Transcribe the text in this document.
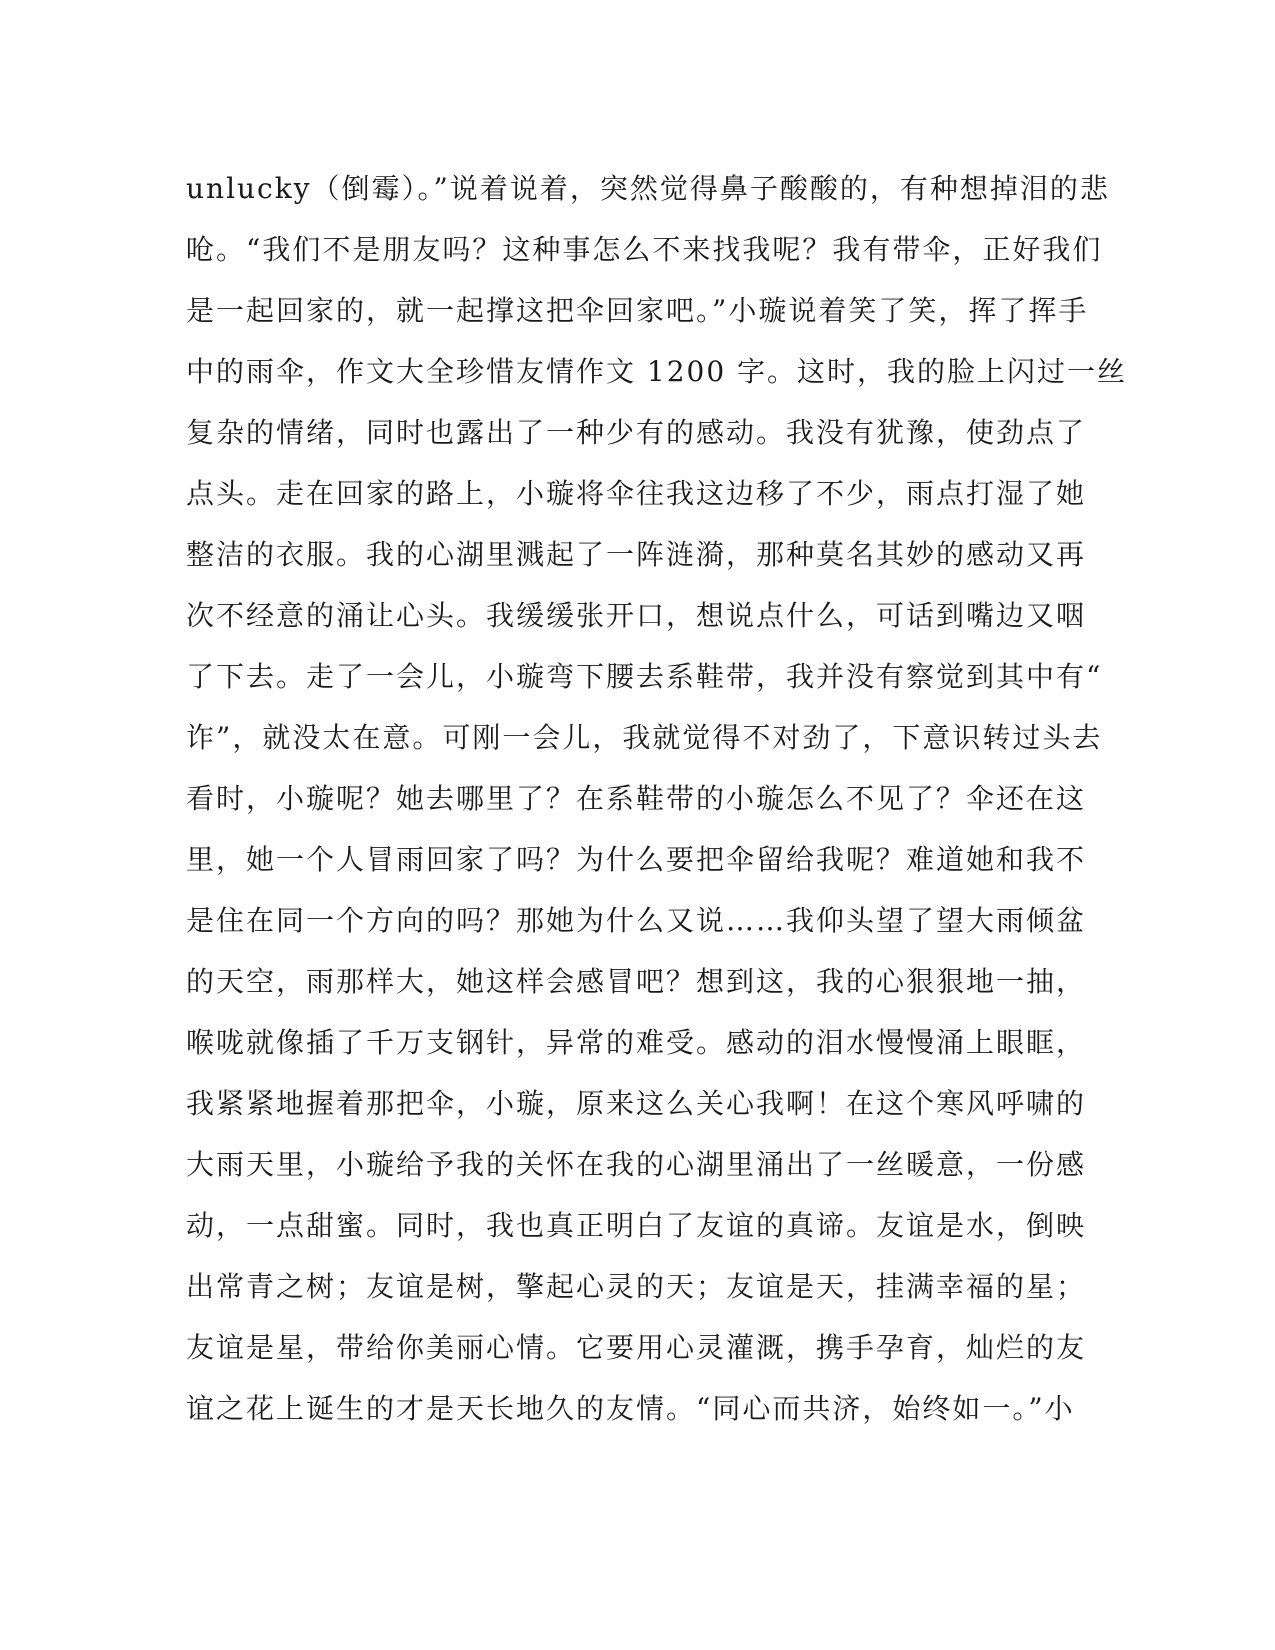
unlucky（倒霉）。”说着说着，突然觉得鼻子酸酸的，有种想掉泪的悲
呛。“我们不是朋友吗？这种事怎么不来找我呢？我有带伞，正好我们
是一起回家的，就一起撑这把伞回家吧。”小璇说着笑了笑，挥了挥手
中的雨伞，作文大全珍惜友情作文 1200 字。这时，我的脸上闪过一丝
复杂的情绪，同时也露出了一种少有的感动。我没有犹豫，使劲点了
点头。走在回家的路上，小璇将伞往我这边移了不少，雨点打湿了她
整洁的衣服。我的心湖里溅起了一阵涟漪，那种莫名其妙的感动又再
次不经意的涌让心头。我缓缓张开口，想说点什么，可话到嘴边又咽
了下去。走了一会儿，小璇弯下腰去系鞋带，我并没有察觉到其中有“
诈”，就没太在意。可刚一会儿，我就觉得不对劲了，下意识转过头去
看时，小璇呢？她去哪里了？在系鞋带的小璇怎么不见了？伞还在这
里，她一个人冒雨回家了吗？为什么要把伞留给我呢？难道她和我不
是住在同一个方向的吗？那她为什么又说……我仰头望了望大雨倾盆
的天空，雨那样大，她这样会感冒吧？想到这，我的心狠狠地一抽，
喉咙就像插了千万支钢针，异常的难受。感动的泪水慢慢涌上眼眶，
我紧紧地握着那把伞，小璇，原来这么关心我啊！在这个寒风呼啸的
大雨天里，小璇给予我的关怀在我的心湖里涌出了一丝暖意，一份感
动，一点甜蜜。同时，我也真正明白了友谊的真谛。友谊是水，倒映
出常青之树；友谊是树，擎起心灵的天；友谊是天，挂满幸福的星；
友谊是星，带给你美丽心情。它要用心灵灌溉，携手孕育，灿烂的友
谊之花上诞生的才是天长地久的友情。“同心而共济，始终如一。”小
